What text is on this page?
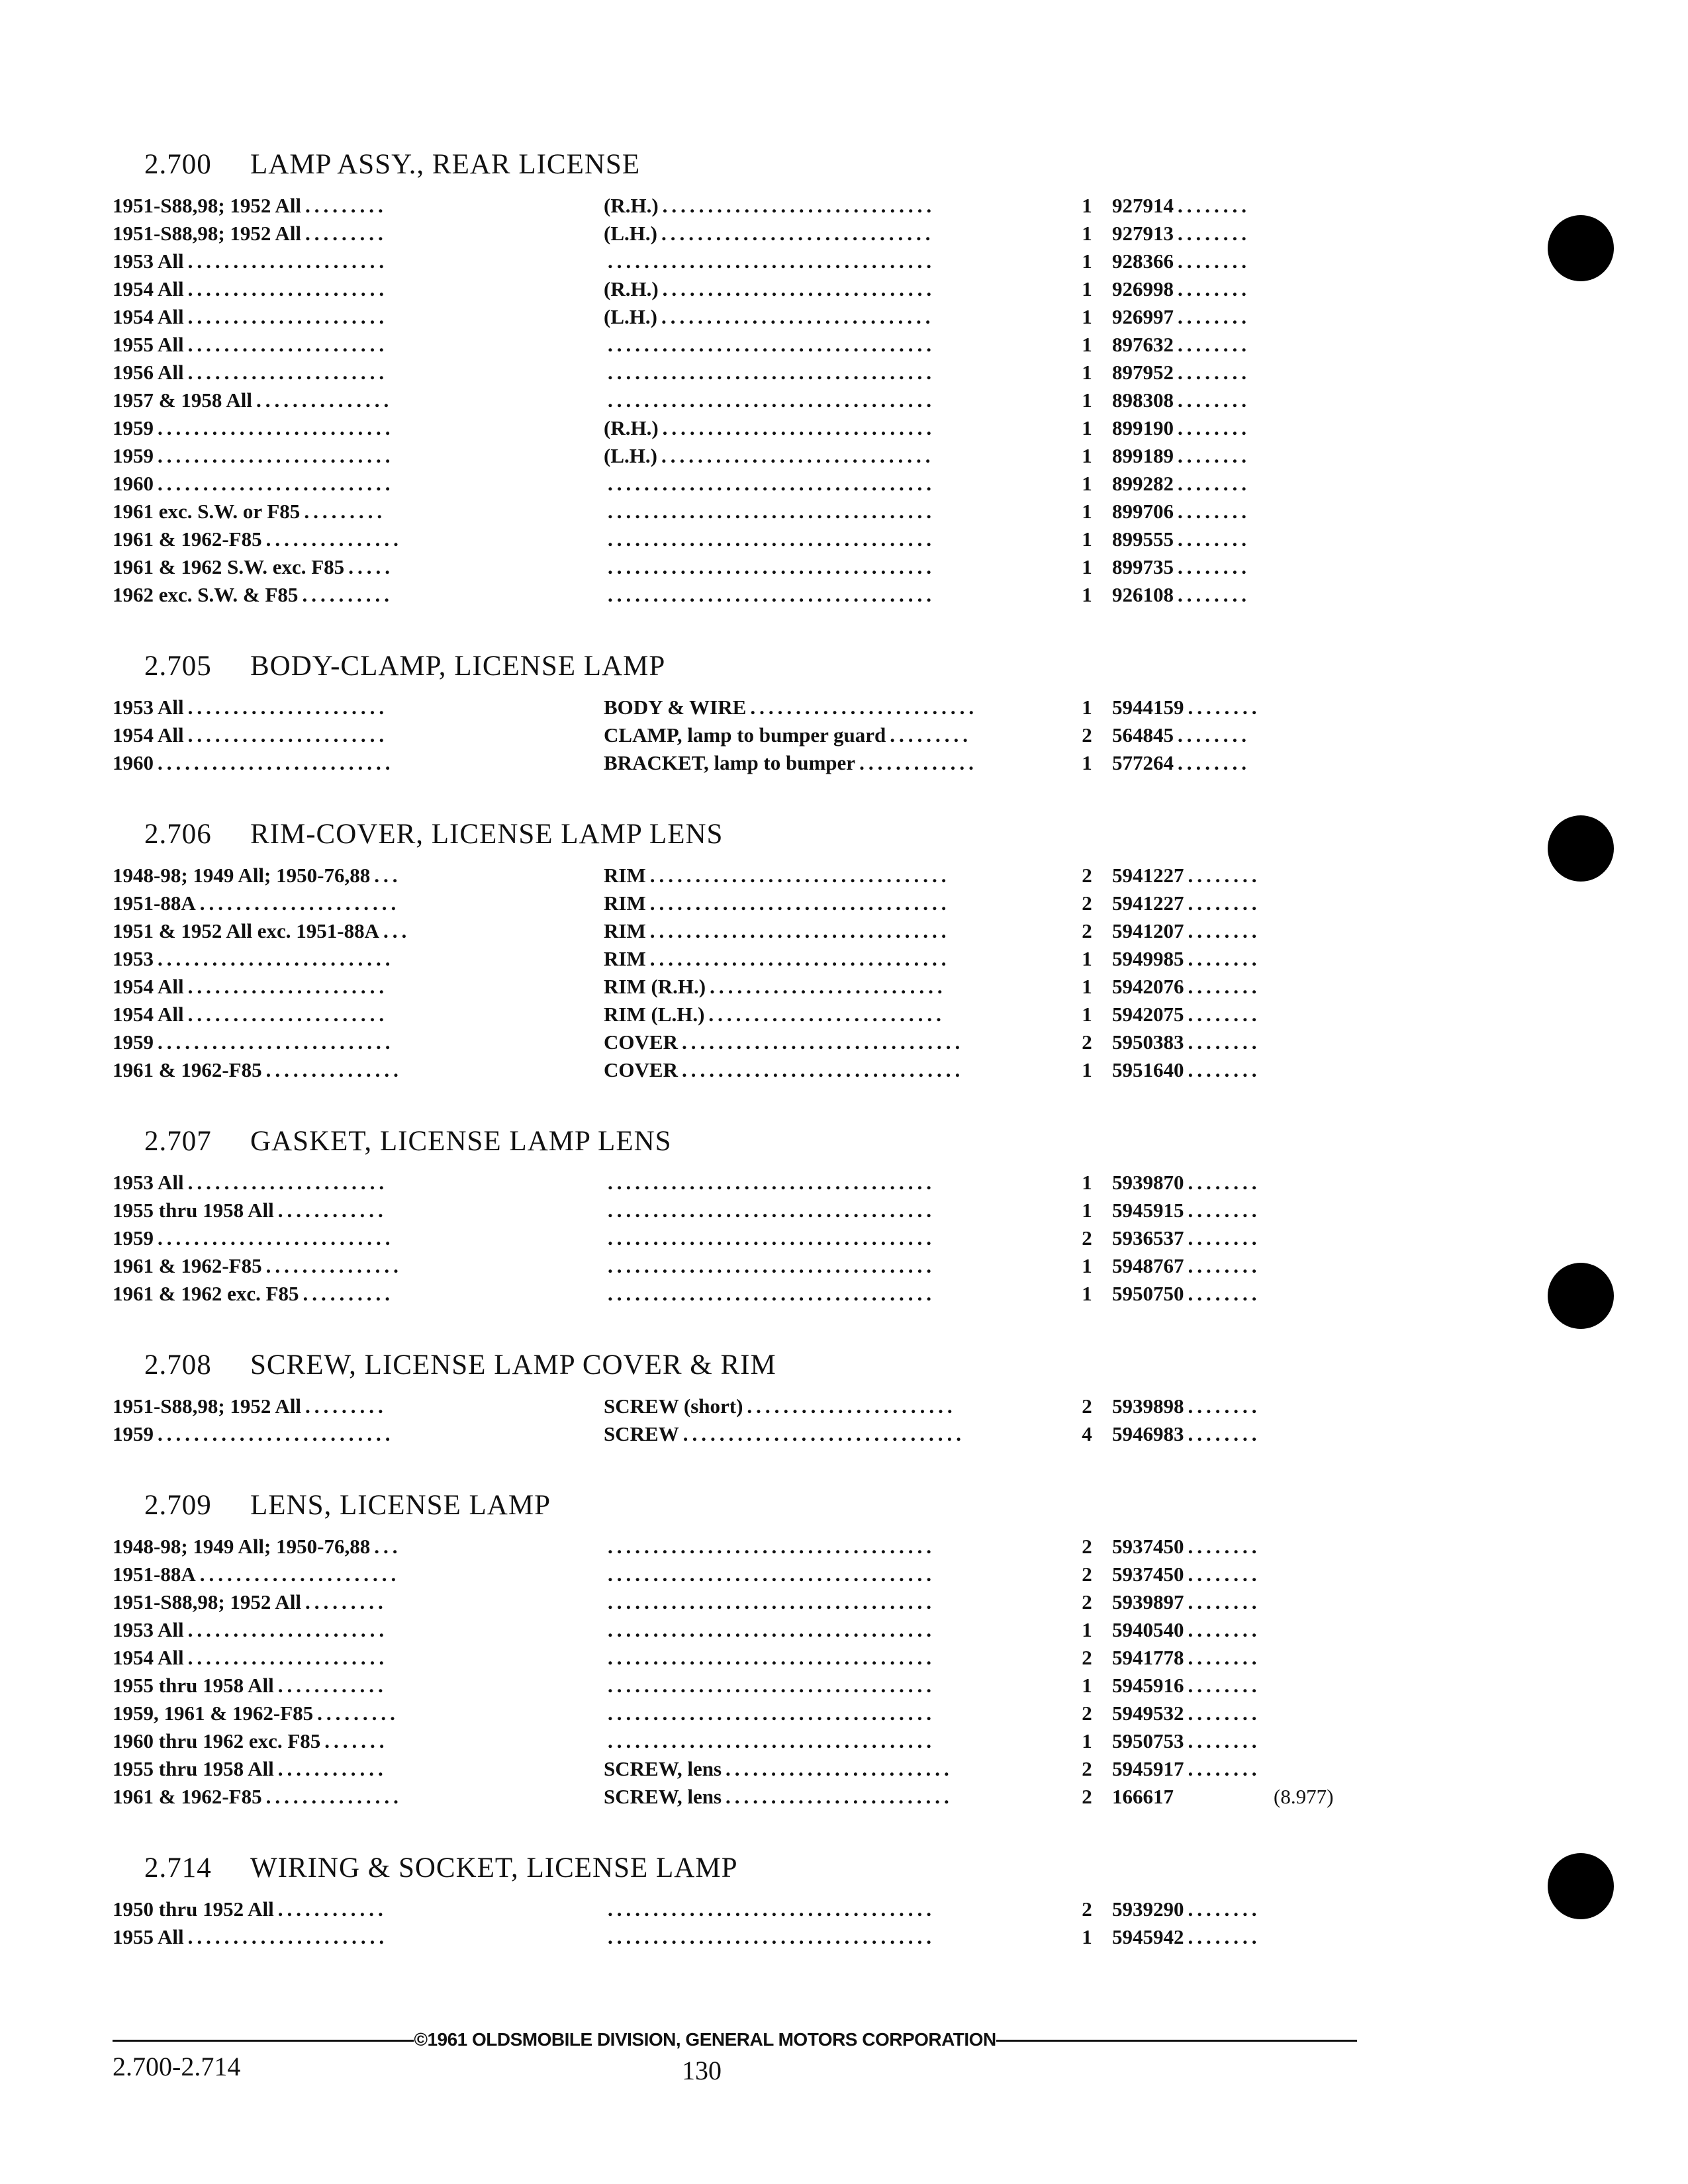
2.700 LAMP ASSY., REAR LICENSE
1951-S88,98; 1952 All .........	(R.H.) ..............................	1 927914 ........
1951-S88,98; 1952 All .........	(L.H.) ..............................	1 927913 ........
1953 All ......................	....................................	1 928366 ........
1954 All ......................	(R.H.) ..............................	1 926998 ........
1954 All ......................	(L.H.) ..............................	1 926997 ........
1955 All ......................	....................................	1 897632 ........
1956 All ......................	....................................	1 897952 ........
1957 & 1958 All ...............	....................................	1 898308 ........
1959 ..........................	(R.H.) ..............................	1 899190 ........
1959 ..........................	(L.H.) ..............................	1 899189 ........
1960 ..........................	....................................	1 899282 ........
1961 exc. S.W. or F85 .........	....................................	1 899706 ........
1961 & 1962-F85 ...............	....................................	1 899555 ........
1961 & 1962 S.W. exc. F85 .....	....................................	1 899735 ........
1962 exc. S.W. & F85 ..........	....................................	1 926108 ........
2.705 BODY-CLAMP, LICENSE LAMP
1953 All ......................	BODY & WIRE .........................	1 5944159 ........
1954 All ......................	CLAMP, lamp to bumper guard .........	2 564845 ........
1960 ..........................	BRACKET, lamp to bumper .............	1 577264 ........
2.706 RIM-COVER, LICENSE LAMP LENS
1948-98; 1949 All; 1950-76,88 ...	RIM .................................	2 5941227 ........
1951-88A ......................	RIM .................................	2 5941227 ........
1951 & 1952 All exc. 1951-88A ...	RIM .................................	2 5941207 ........
1953 ..........................	RIM .................................	1 5949985 ........
1954 All ......................	RIM (R.H.) ..........................	1 5942076 ........
1954 All ......................	RIM (L.H.) ..........................	1 5942075 ........
1959 ..........................	COVER ...............................	2 5950383 ........
1961 & 1962-F85 ...............	COVER ...............................	1 5951640 ........
2.707 GASKET, LICENSE LAMP LENS
1953 All ......................	....................................	1 5939870 ........
1955 thru 1958 All ............	....................................	1 5945915 ........
1959 ..........................	....................................	2 5936537 ........
1961 & 1962-F85 ...............	....................................	1 5948767 ........
1961 & 1962 exc. F85 ..........	....................................	1 5950750 ........
2.708 SCREW, LICENSE LAMP COVER & RIM
1951-S88,98; 1952 All .........	SCREW (short) .......................	2 5939898 ........
1959 ..........................	SCREW ...............................	4 5946983 ........
2.709 LENS, LICENSE LAMP
1948-98; 1949 All; 1950-76,88 ...	....................................	2 5937450 ........
1951-88A ......................	....................................	2 5937450 ........
1951-S88,98; 1952 All .........	....................................	2 5939897 ........
1953 All ......................	....................................	1 5940540 ........
1954 All ......................	....................................	2 5941778 ........
1955 thru 1958 All ............	....................................	1 5945916 ........
1959, 1961 & 1962-F85 .........	....................................	2 5949532 ........
1960 thru 1962 exc. F85 .......	....................................	1 5950753 ........
1955 thru 1958 All ............	SCREW, lens .........................	2 5945917 ........
1961 & 1962-F85 ...............	SCREW, lens .........................	2 166617	(8.977)
2.714 WIRING & SOCKET, LICENSE LAMP
1950 thru 1952 All ............	....................................	2 5939290 ........
1955 All ......................	....................................	1 5945942 ........
©1961 OLDSMOBILE DIVISION, GENERAL MOTORS CORPORATION
2.700-2.714	130
